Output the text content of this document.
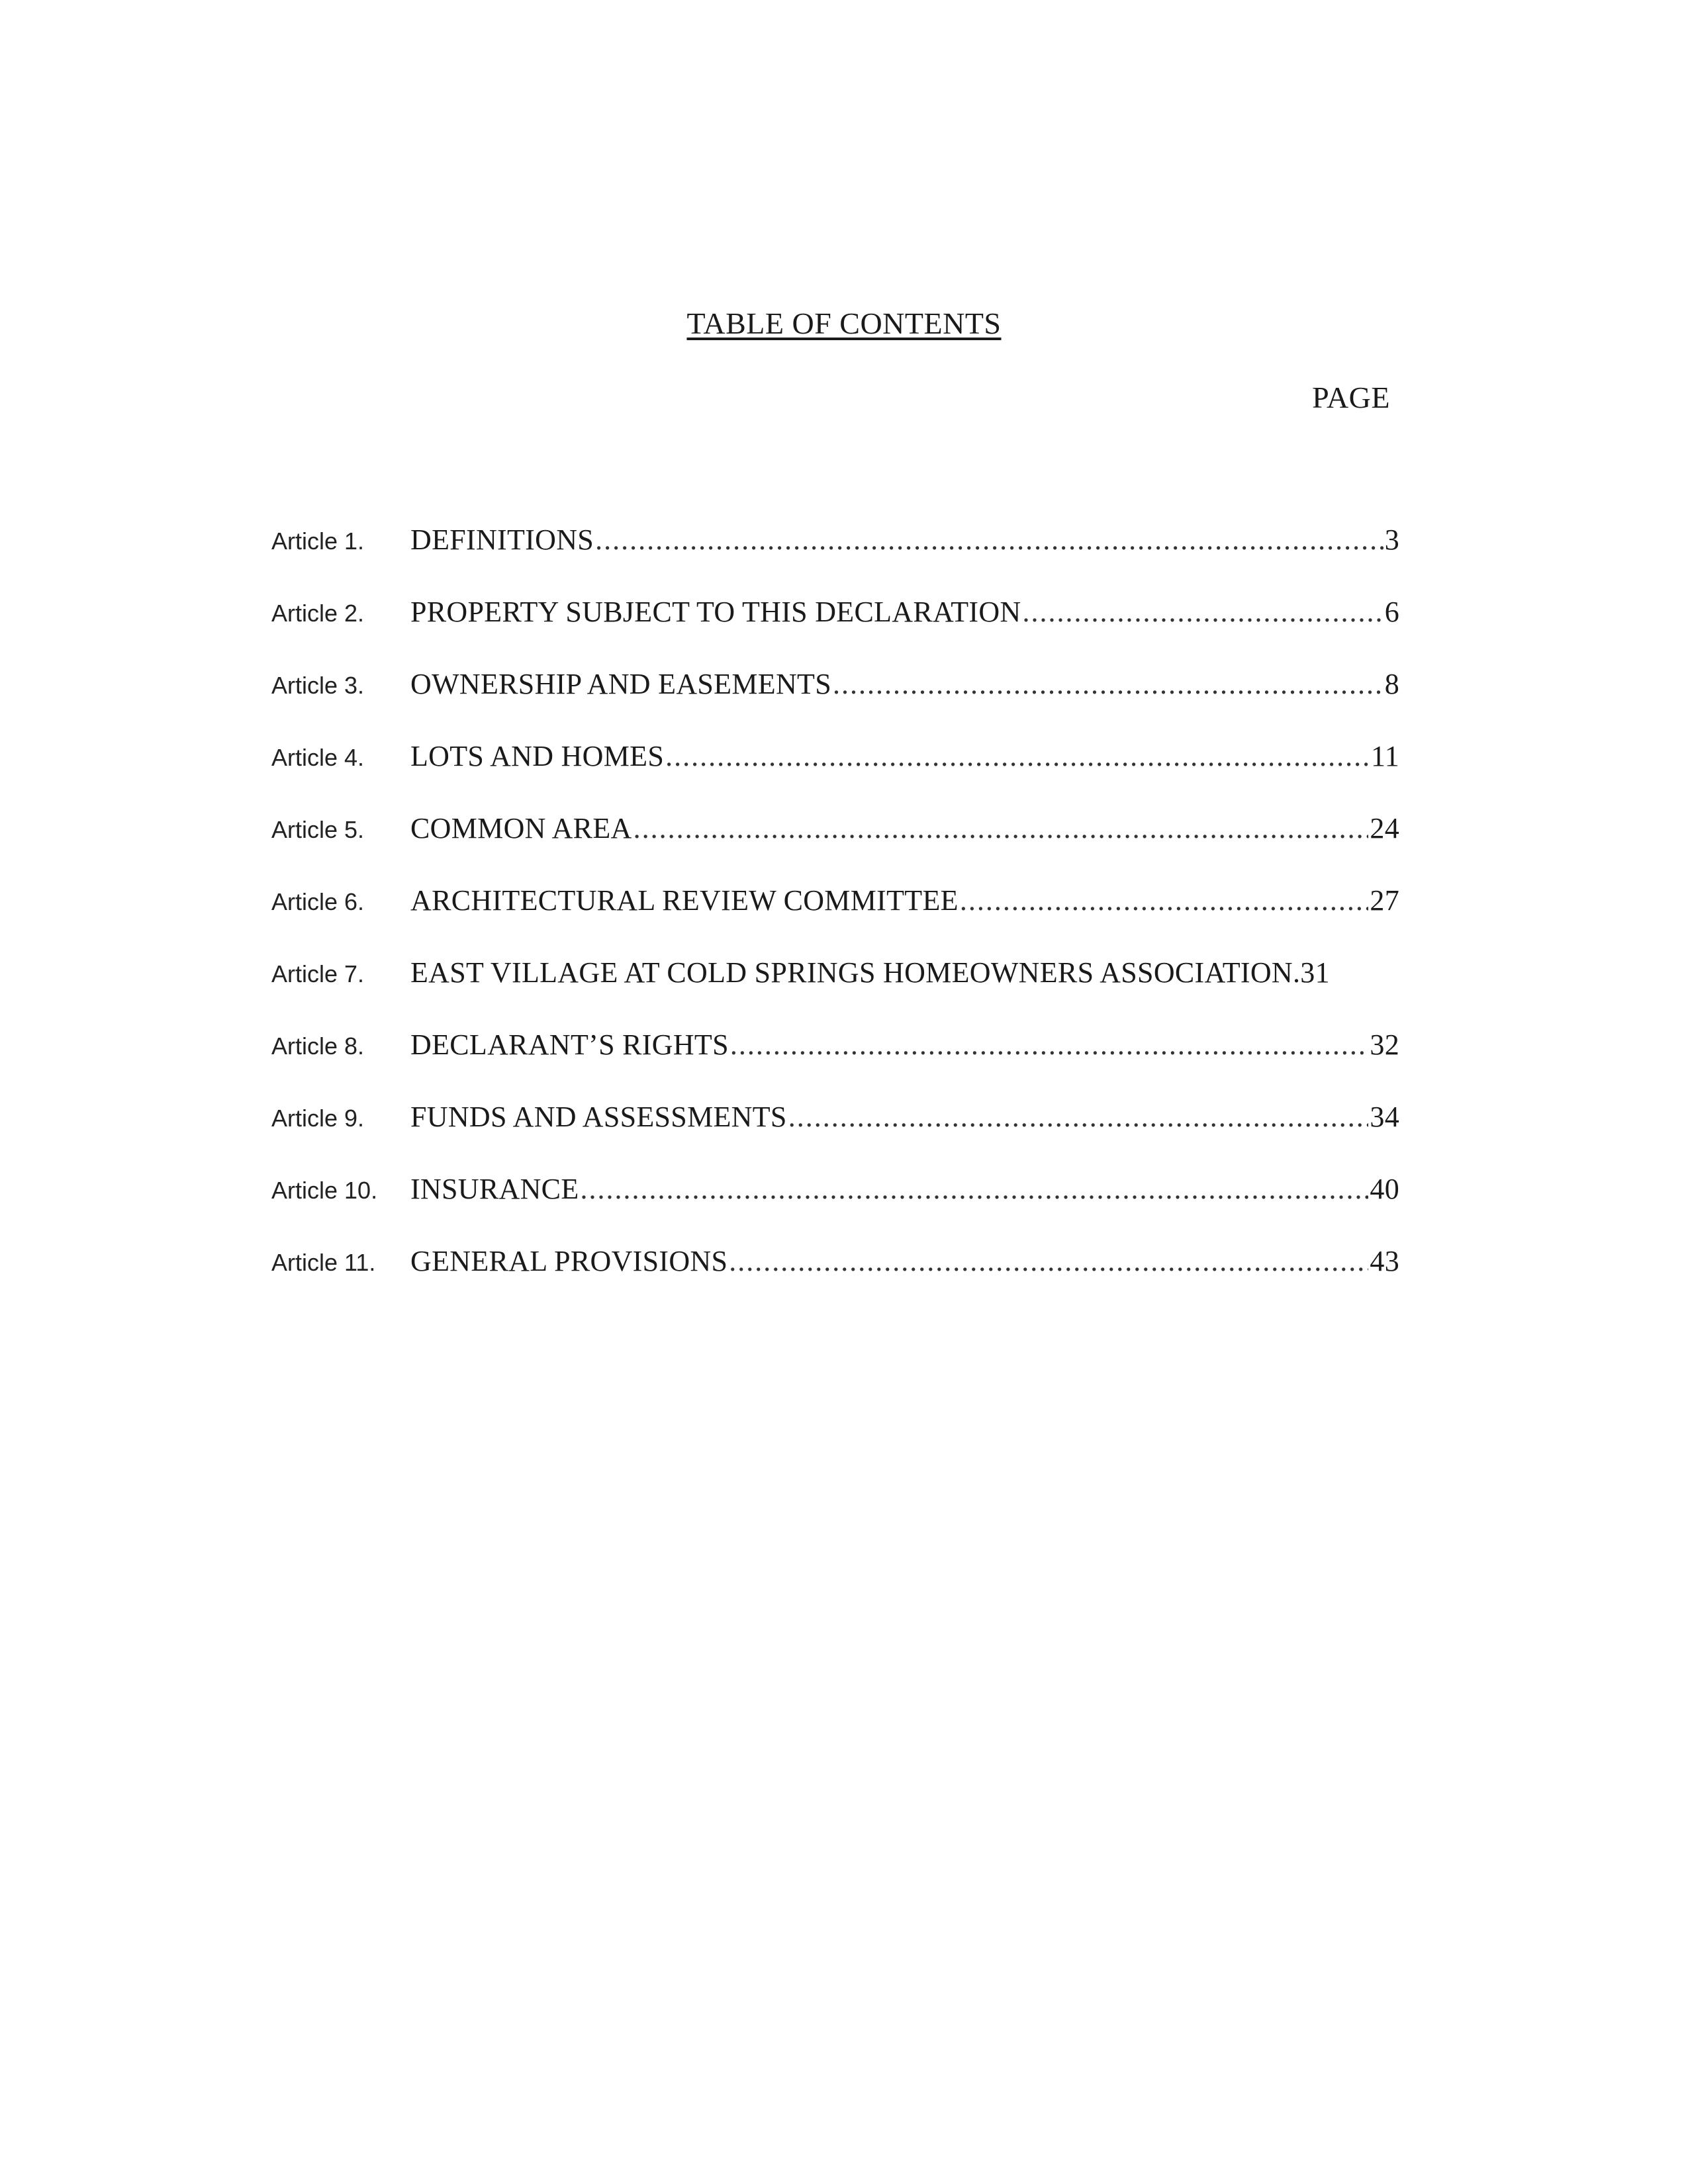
TABLE OF CONTENTS
PAGE
Article 1.	DEFINITIONS .....	3
Article 2.	PROPERTY SUBJECT TO THIS DECLARATION .....	6
Article 3.	OWNERSHIP AND EASEMENTS .....	8
Article 4.	LOTS AND HOMES .....	11
Article 5.	COMMON AREA .....	24
Article 6.	ARCHITECTURAL REVIEW COMMITTEE .....	27
Article 7.	EAST VILLAGE AT COLD SPRINGS HOMEOWNERS ASSOCIATION. 31
Article 8.	DECLARANT’S RIGHTS .....	32
Article 9.	FUNDS AND ASSESSMENTS .....	34
Article 10.	INSURANCE .....	40
Article 11.	GENERAL PROVISIONS .....	43
